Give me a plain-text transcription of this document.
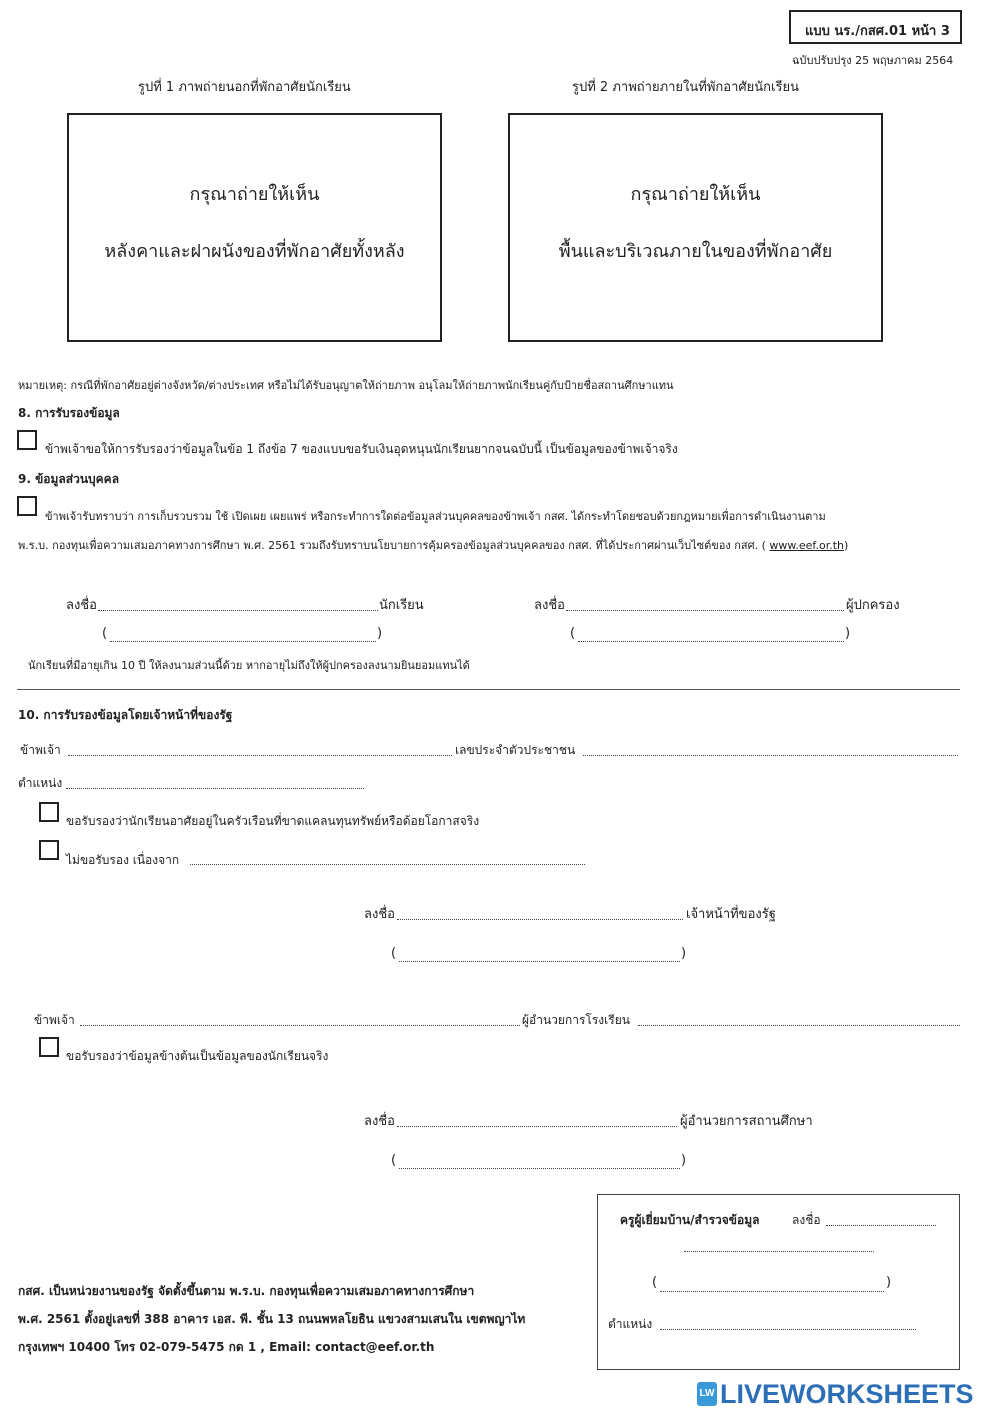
แบบ นร./กสศ.01 หน้า 3
ฉบับปรับปรุง 25 พฤษภาคม 2564
รูปที่ 1 ภาพถ่ายนอกที่พักอาศัยนักเรียน
กรุณาถ่ายให้เห็น
หลังคาและฝาผนังของที่พักอาศัยทั้งหลัง
รูปที่ 2 ภาพถ่ายภายในที่พักอาศัยนักเรียน
กรุณาถ่ายให้เห็น
พื้นและบริเวณภายในของที่พักอาศัย
หมายเหตุ: กรณีที่พักอาศัยอยู่ต่างจังหวัด/ต่างประเทศ หรือไม่ได้รับอนุญาตให้ถ่ายภาพ อนุโลมให้ถ่ายภาพนักเรียนคู่กับป้ายชื่อสถานศึกษาแทน
8. การรับรองข้อมูล
ข้าพเจ้าขอให้การรับรองว่าข้อมูลในข้อ 1 ถึงข้อ 7 ของแบบขอรับเงินอุดหนุนนักเรียนยากจนฉบับนี้ เป็นข้อมูลของข้าพเจ้าจริง
9. ข้อมูลส่วนบุคคล
ข้าพเจ้ารับทราบว่า การเก็บรวบรวม ใช้ เปิดเผย เผยแพร่ หรือกระทำการใดต่อข้อมูลส่วนบุคคลของข้าพเจ้า กสศ. ได้กระทำโดยชอบด้วยกฎหมายเพื่อการดำเนินงานตาม
พ.ร.บ. กองทุนเพื่อความเสมอภาคทางการศึกษา พ.ศ. 2561 รวมถึงรับทราบนโยบายการคุ้มครองข้อมูลส่วนบุคคลของ กสศ. ที่ได้ประกาศผ่านเว็บไซต์ของ กสศ. ( www.eef.or.th)
ลงชื่อ	นักเรียน
(	)
ลงชื่อ	ผู้ปกครอง
(	)
นักเรียนที่มีอายุเกิน 10 ปี ให้ลงนามส่วนนี้ด้วย หากอายุไม่ถึงให้ผู้ปกครองลงนามยินยอมแทนได้
10. การรับรองข้อมูลโดยเจ้าหน้าที่ของรัฐ
ข้าพเจ้า	เลขประจำตัวประชาชน
ตำแหน่ง
ขอรับรองว่านักเรียนอาศัยอยู่ในครัวเรือนที่ขาดแคลนทุนทรัพย์หรือด้อยโอกาสจริง
ไม่ขอรับรอง เนื่องจาก
ลงชื่อ	เจ้าหน้าที่ของรัฐ
(	)
ข้าพเจ้า	ผู้อำนวยการโรงเรียน
ขอรับรองว่าข้อมูลข้างต้นเป็นข้อมูลของนักเรียนจริง
ลงชื่อ	ผู้อำนวยการสถานศึกษา
(	)
ครูผู้เยี่ยมบ้าน/สำรวจข้อมูล	ลงชื่อ
(	)
ตำแหน่ง
กสศ. เป็นหน่วยงานของรัฐ จัดตั้งขึ้นตาม พ.ร.บ. กองทุนเพื่อความเสมอภาคทางการศึกษา
พ.ศ. 2561 ตั้งอยู่เลขที่ 388 อาคาร เอส. พี. ชั้น 13 ถนนพหลโยธิน แขวงสามเสนใน เขตพญาไท
กรุงเทพฯ 10400 โทร 02-079-5475 กด 1 , Email: contact@eef.or.th
LW LIVEWORKSHEETS
